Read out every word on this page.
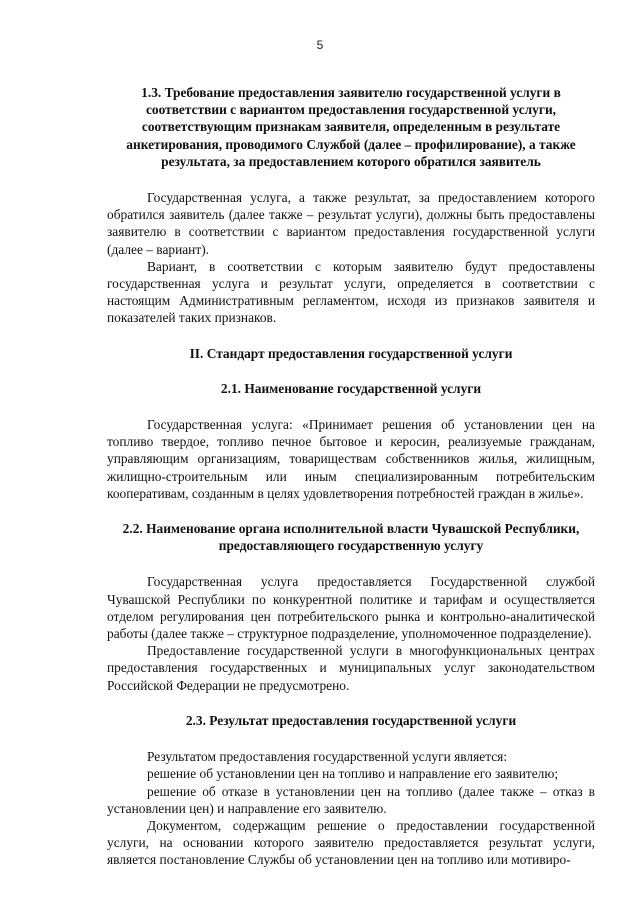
5

1.3. Требование предоставления заявителю государственной услуги в соответствии с вариантом предоставления государственной услуги, соответствующим признакам заявителя, определенным в результате анкетирования, проводимого Службой (далее – профилирование), а также результата, за предоставлением которого обратился заявитель

Государственная услуга, а также результат, за предоставлением которого обратился заявитель (далее также – результат услуги), должны быть предоставлены заявителю в соответствии с вариантом предоставления государственной услуги (далее – вариант).

Вариант, в соответствии с которым заявителю будут предоставлены государственная услуга и результат услуги, определяется в соответствии с настоящим Административным регламентом, исходя из признаков заявителя и показателей таких признаков.

II. Стандарт предоставления государственной услуги

2.1. Наименование государственной услуги

Государственная услуга: «Принимает решения об установлении цен на топливо твердое, топливо печное бытовое и керосин, реализуемые гражданам, управляющим организациям, товариществам собственников жилья, жилищным, жилищно-строительным или иным специализированным потребительским кооперативам, созданным в целях удовлетворения потребностей граждан в жилье».

2.2. Наименование органа исполнительной власти Чувашской Республики, предоставляющего государственную услугу

Государственная услуга предоставляется Государственной службой Чувашской Республики по конкурентной политике и тарифам и осуществляется отделом регулирования цен потребительского рынка и контрольно-аналитической работы (далее также – структурное подразделение, уполномоченное подразделение).

Предоставление государственной услуги в многофункциональных центрах предоставления государственных и муниципальных услуг законодательством Российской Федерации не предусмотрено.

2.3. Результат предоставления государственной услуги

Результатом предоставления государственной услуги является:

решение об установлении цен на топливо и направление его заявителю;

решение об отказе в установлении цен на топливо (далее также – отказ в установлении цен) и направление его заявителю.

Документом, содержащим решение о предоставлении государственной услуги, на основании которого заявителю предоставляется результат услуги, является постановление Службы об установлении цен на топливо или мотивиро-
